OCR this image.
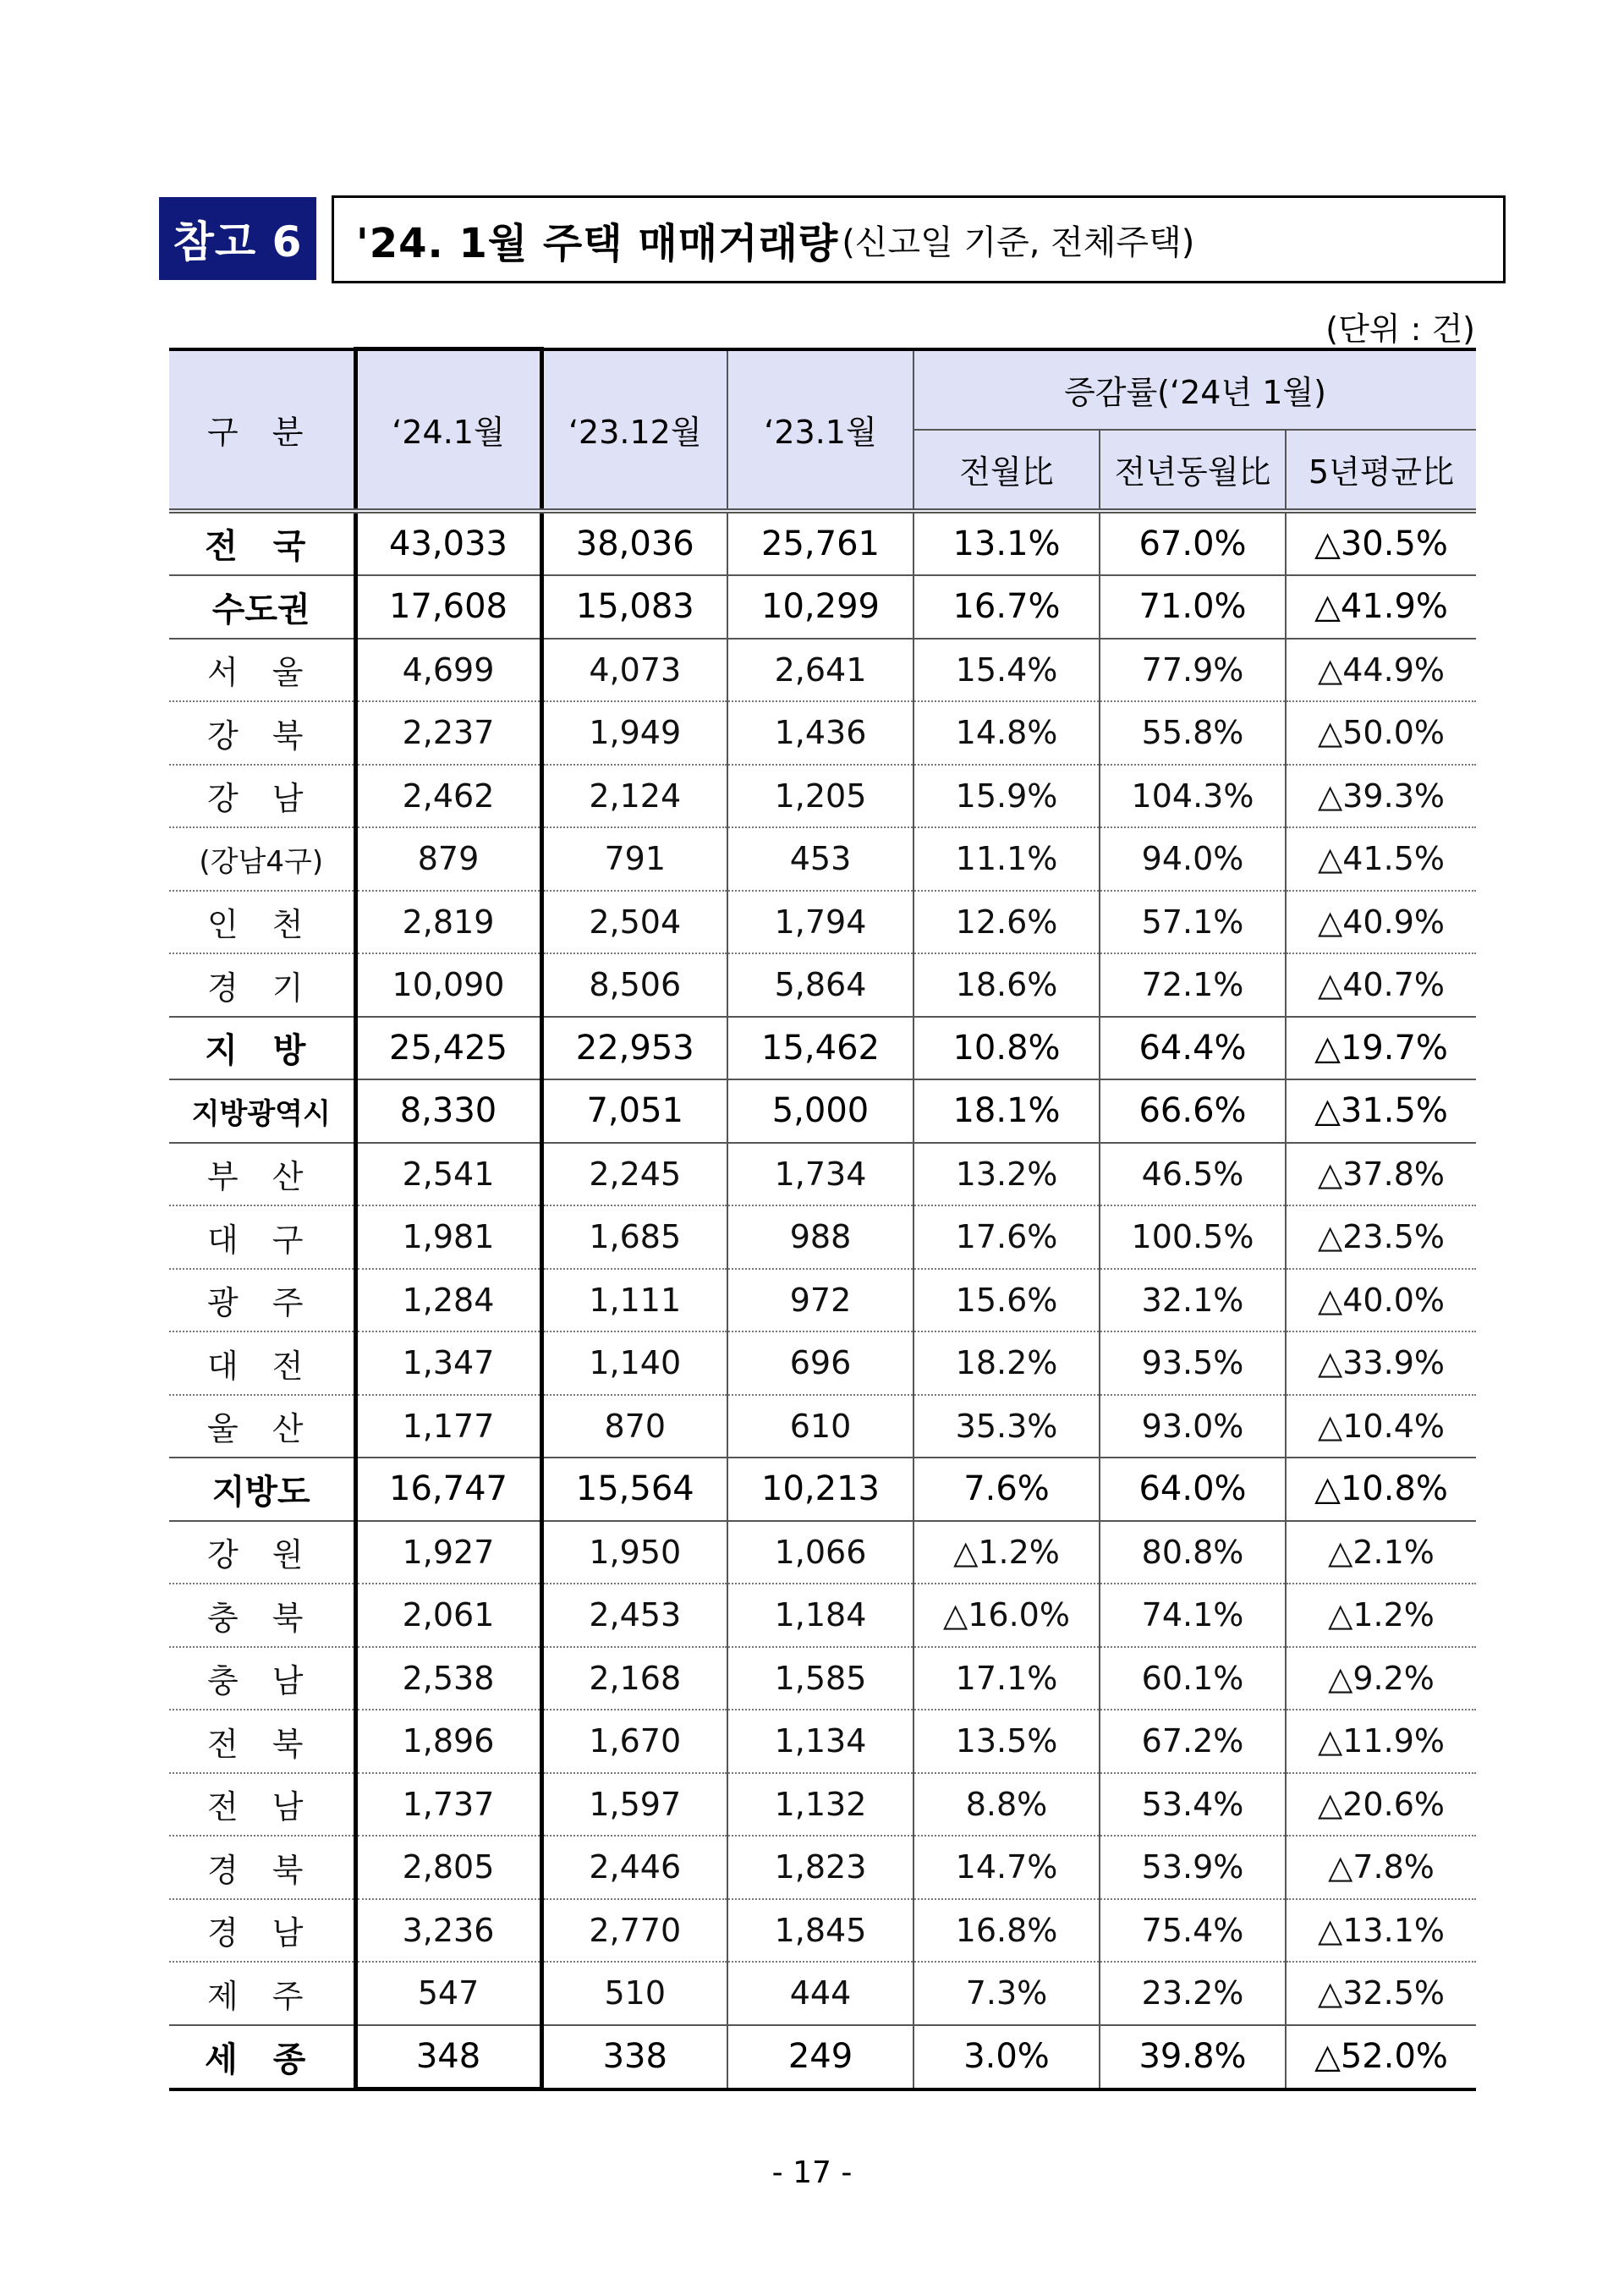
참고 6	'24. 1월 주택 매매거래량 (신고일 기준, 전체주택)
(단위 : 건)
구 분	‘24.1월	‘23.12월	‘23.1월	증감률(‘24년 1월)		
				전월比	전년동월比	5년평균比
전 국	43,033	38,036	25,761	13.1%	67.0%	△30.5%
수도권	17,608	15,083	10,299	16.7%	71.0%	△41.9%
서 울	4,699	4,073	2,641	15.4%	77.9%	△44.9%
강 북	2,237	1,949	1,436	14.8%	55.8%	△50.0%
강 남	2,462	2,124	1,205	15.9%	104.3%	△39.3%
(강남4구)	879	791	453	11.1%	94.0%	△41.5%
인 천	2,819	2,504	1,794	12.6%	57.1%	△40.9%
경 기	10,090	8,506	5,864	18.6%	72.1%	△40.7%
지 방	25,425	22,953	15,462	10.8%	64.4%	△19.7%
지방광역시	8,330	7,051	5,000	18.1%	66.6%	△31.5%
부 산	2,541	2,245	1,734	13.2%	46.5%	△37.8%
대 구	1,981	1,685	988	17.6%	100.5%	△23.5%
광 주	1,284	1,111	972	15.6%	32.1%	△40.0%
대 전	1,347	1,140	696	18.2%	93.5%	△33.9%
울 산	1,177	870	610	35.3%	93.0%	△10.4%
지방도	16,747	15,564	10,213	7.6%	64.0%	△10.8%
강 원	1,927	1,950	1,066	△1.2%	80.8%	△2.1%
충 북	2,061	2,453	1,184	△16.0%	74.1%	△1.2%
충 남	2,538	2,168	1,585	17.1%	60.1%	△9.2%
전 북	1,896	1,670	1,134	13.5%	67.2%	△11.9%
전 남	1,737	1,597	1,132	8.8%	53.4%	△20.6%
경 북	2,805	2,446	1,823	14.7%	53.9%	△7.8%
경 남	3,236	2,770	1,845	16.8%	75.4%	△13.1%
제 주	547	510	444	7.3%	23.2%	△32.5%
세 종	348	338	249	3.0%	39.8%	△52.0%
- 17 -
